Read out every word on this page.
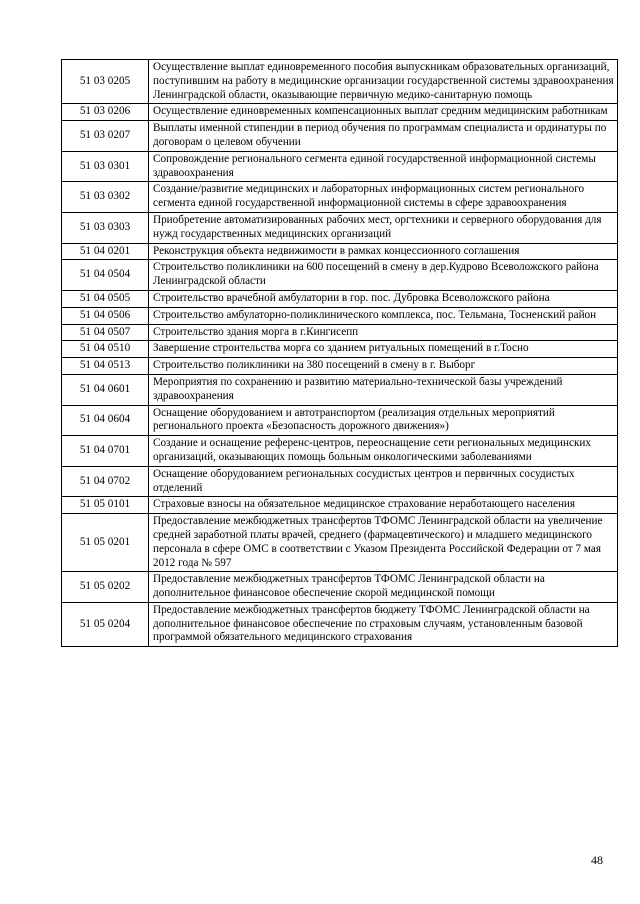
51 03 0205	Осуществление выплат единовременного пособия выпускникам образовательных организаций, поступившим на работу в медицинские организации государственной системы здравоохранения Ленинградской области, оказывающие первичную медико-санитарную помощь
51 03 0206	Осуществление единовременных компенсационных выплат средним медицинским работникам
51 03 0207	Выплаты именной стипендии в период обучения по программам специалиста и ординатуры по договорам о целевом обучении
51 03 0301	Сопровождение регионального сегмента единой государственной информационной системы здравоохранения
51 03 0302	Создание/развитие медицинских и лабораторных информационных систем регионального сегмента единой государственной информационной системы в сфере здравоохранения
51 03 0303	Приобретение автоматизированных рабочих мест, оргтехники и серверного оборудования для нужд государственных медицинских организаций
51 04 0201	Реконструкция объекта недвижимости в рамках концессионного соглашения
51 04 0504	Строительство поликлиники на 600 посещений в смену в дер.Кудрово Всеволожского района Ленинградской области
51 04 0505	Строительство врачебной амбулатории в гор. пос. Дубровка Всеволожского района
51 04 0506	Строительство амбулаторно-поликлинического комплекса, пос. Тельмана, Тосненский район
51 04 0507	Строительство здания морга в г.Кингисепп
51 04 0510	Завершение строительства морга со зданием ритуальных помещений в г.Тосно
51 04 0513	Строительство поликлиники на 380 посещений в смену в г. Выборг
51 04 0601	Мероприятия по сохранению и развитию материально-технической базы учреждений здравоохранения
51 04 0604	Оснащение оборудованием и автотранспортом (реализация отдельных мероприятий регионального проекта «Безопасность дорожного движения»)
51 04 0701	Создание и оснащение референс-центров, переоснащение сети региональных медицинских организаций, оказывающих помощь больным онкологическими заболеваниями
51 04 0702	Оснащение оборудованием региональных сосудистых центров и первичных сосудистых отделений
51 05 0101	Страховые взносы на обязательное медицинское страхование неработающего населения
51 05 0201	Предоставление межбюджетных трансфертов ТФОМС Ленинградской области на увеличение средней заработной платы врачей, среднего (фармацевтического) и младшего медицинского персонала в сфере ОМС в соответствии с Указом Президента Российской Федерации от 7 мая 2012 года № 597
51 05 0202	Предоставление межбюджетных трансфертов ТФОМС Ленинградской области на дополнительное финансовое обеспечение скорой медицинской помощи
51 05 0204	Предоставление межбюджетных трансфертов бюджету ТФОМС Ленинградской области на дополнительное финансовое обеспечение по страховым случаям, установленным базовой программой обязательного медицинского страхования
48
